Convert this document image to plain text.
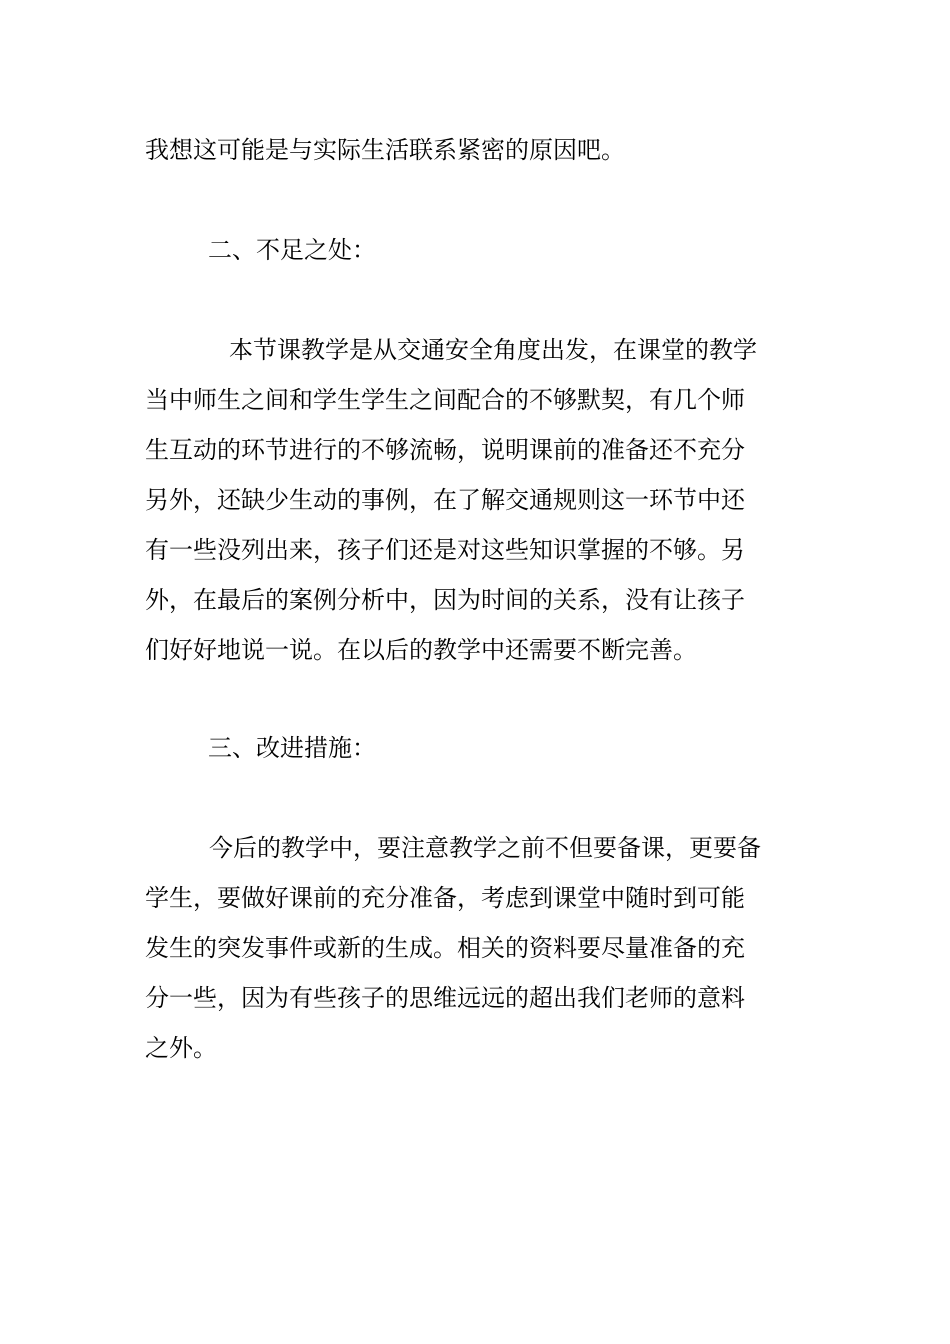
我想这可能是与实际生活联系紧密的原因吧。
二、不足之处：
本节课教学是从交通安全角度出发，在课堂的教学
当中师生之间和学生学生之间配合的不够默契，有几个师
生互动的环节进行的不够流畅，说明课前的准备还不充分
另外，还缺少生动的事例，在了解交通规则这一环节中还
有一些没列出来，孩子们还是对这些知识掌握的不够。另
外，在最后的案例分析中，因为时间的关系，没有让孩子
们好好地说一说。在以后的教学中还需要不断完善。
三、改进措施：
今后的教学中，要注意教学之前不但要备课，更要备
学生，要做好课前的充分准备，考虑到课堂中随时到可能
发生的突发事件或新的生成。相关的资料要尽量准备的充
分一些，因为有些孩子的思维远远的超出我们老师的意料
之外。
